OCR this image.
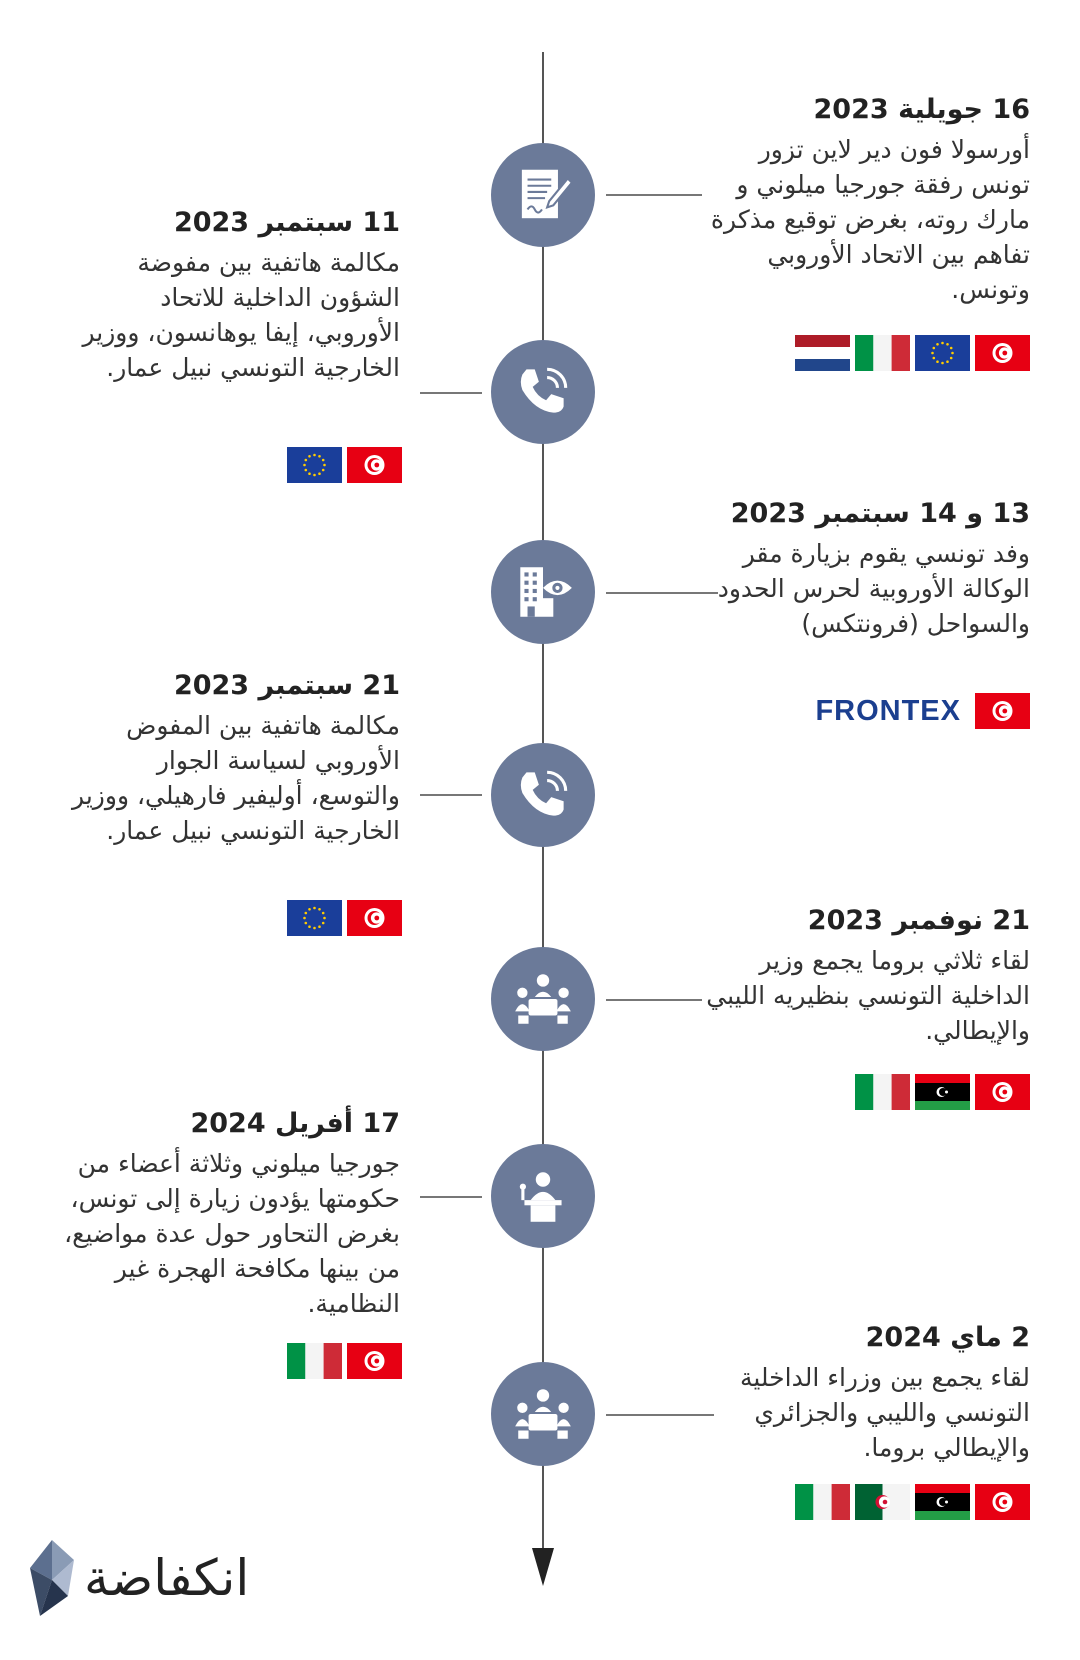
16 جويلية 2023
أورسولا فون دير لاين تزور تونس رفقة جورجيا ميلوني و مارك روته، بغرض توقيع مذكرة تفاهم بين الاتحاد الأوروبي وتونس.
11 سبتمبر 2023
مكالمة هاتفية بين مفوضة الشؤون الداخلية للاتحاد الأوروبي، إيفا يوهانسون، ووزير الخارجية التونسي نبيل عمار.
13 و 14 سبتمبر 2023
وفد تونسي يقوم بزيارة مقر الوكالة الأوروبية لحرس الحدود والسواحل (فرونتكس)
FRONTEX
21 سبتمبر 2023
مكالمة هاتفية بين المفوض الأوروبي لسياسة الجوار والتوسع، أوليفير فارهيلي، ووزير الخارجية التونسي نبيل عمار.
21 نوفمبر 2023
لقاء ثلاثي بروما يجمع وزير الداخلية التونسي بنظيريه الليبي والإيطالي.
17 أفريل 2024
جورجيا ميلوني وثلاثة أعضاء من حكومتها يؤدون زيارة إلى تونس، بغرض التحاور حول عدة مواضيع، من بينها مكافحة الهجرة غير النظامية.
2 ماي 2024
لقاء يجمع بين وزراء الداخلية التونسي والليبي والجزائري والإيطالي بروما.
انكفاضة
